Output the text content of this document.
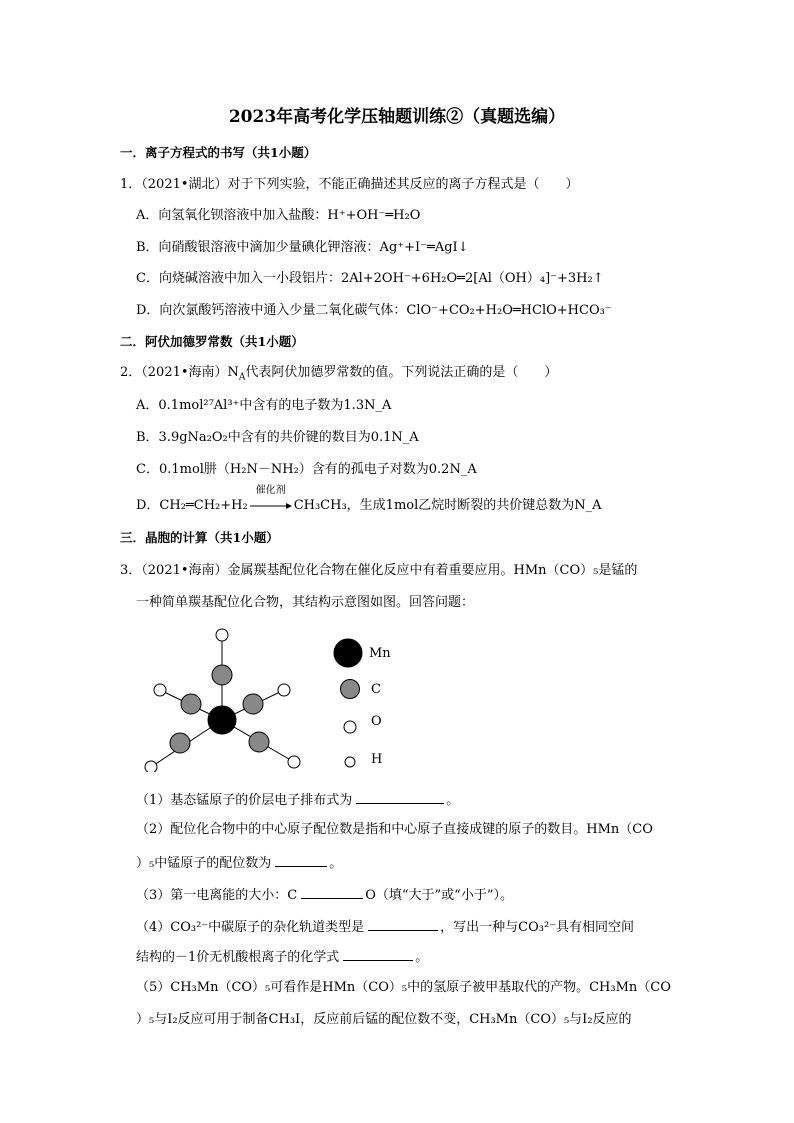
2023年高考化学压轴题训练②（真题选编）
一．离子方程式的书写（共1小题）
1．（2021•湖北）对于下列实验，不能正确描述其反应的离子方程式是（　　）
A．向氢氧化钡溶液中加入盐酸：H⁺+OH⁻═H₂O
B．向硝酸银溶液中滴加少量碘化钾溶液：Ag⁺+I⁻═AgI↓
C．向烧碱溶液中加入一小段铝片：2Al+2OH⁻+6H₂O═2[Al（OH）₄]⁻+3H₂↑
D．向次氯酸钙溶液中通入少量二氧化碳气体：ClO⁻+CO₂+H₂O═HClO+HCO₃⁻
二．阿伏加德罗常数（共1小题）
2．（2021•海南）$N_A$代表阿伏加德罗常数的值。下列说法正确的是（　　）
A．0.1mol²⁷Al³⁺中含有的电子数为1.3N_A
B．3.9gNa₂O₂中含有的共价键的数目为0.1N_A
C．0.1mol肼（H₂N－NH₂）含有的孤电子对数为0.2N_A
D．CH₂═CH₂+H₂
催化剂
CH₃CH₃，生成1mol乙烷时断裂的共价键总数为N_A
三．晶胞的计算（共1小题）
3．（2021•海南）金属羰基配位化合物在催化反应中有着重要应用。HMn（CO）₅是锰的
一种简单羰基配位化合物，其结构示意图如图。回答问题：
Mn
C
O
H
（1）基态锰原子的价层电子排布式为	。
（2）配位化合物中的中心原子配位数是指和中心原子直接成键的原子的数目。HMn（CO
）₅中锰原子的配位数为	。
（3）第一电离能的大小：C	O（填“大于”或“小于”）。
（4）CO₃²⁻中碳原子的杂化轨道类型是	，写出一种与CO₃²⁻具有相同空间
结构的－1价无机酸根离子的化学式	。
（5）CH₃Mn（CO）₅可看作是HMn（CO）₅中的氢原子被甲基取代的产物。CH₃Mn（CO
）₅与I₂反应可用于制备CH₃I，反应前后锰的配位数不变，CH₃Mn（CO）₅与I₂反应的
